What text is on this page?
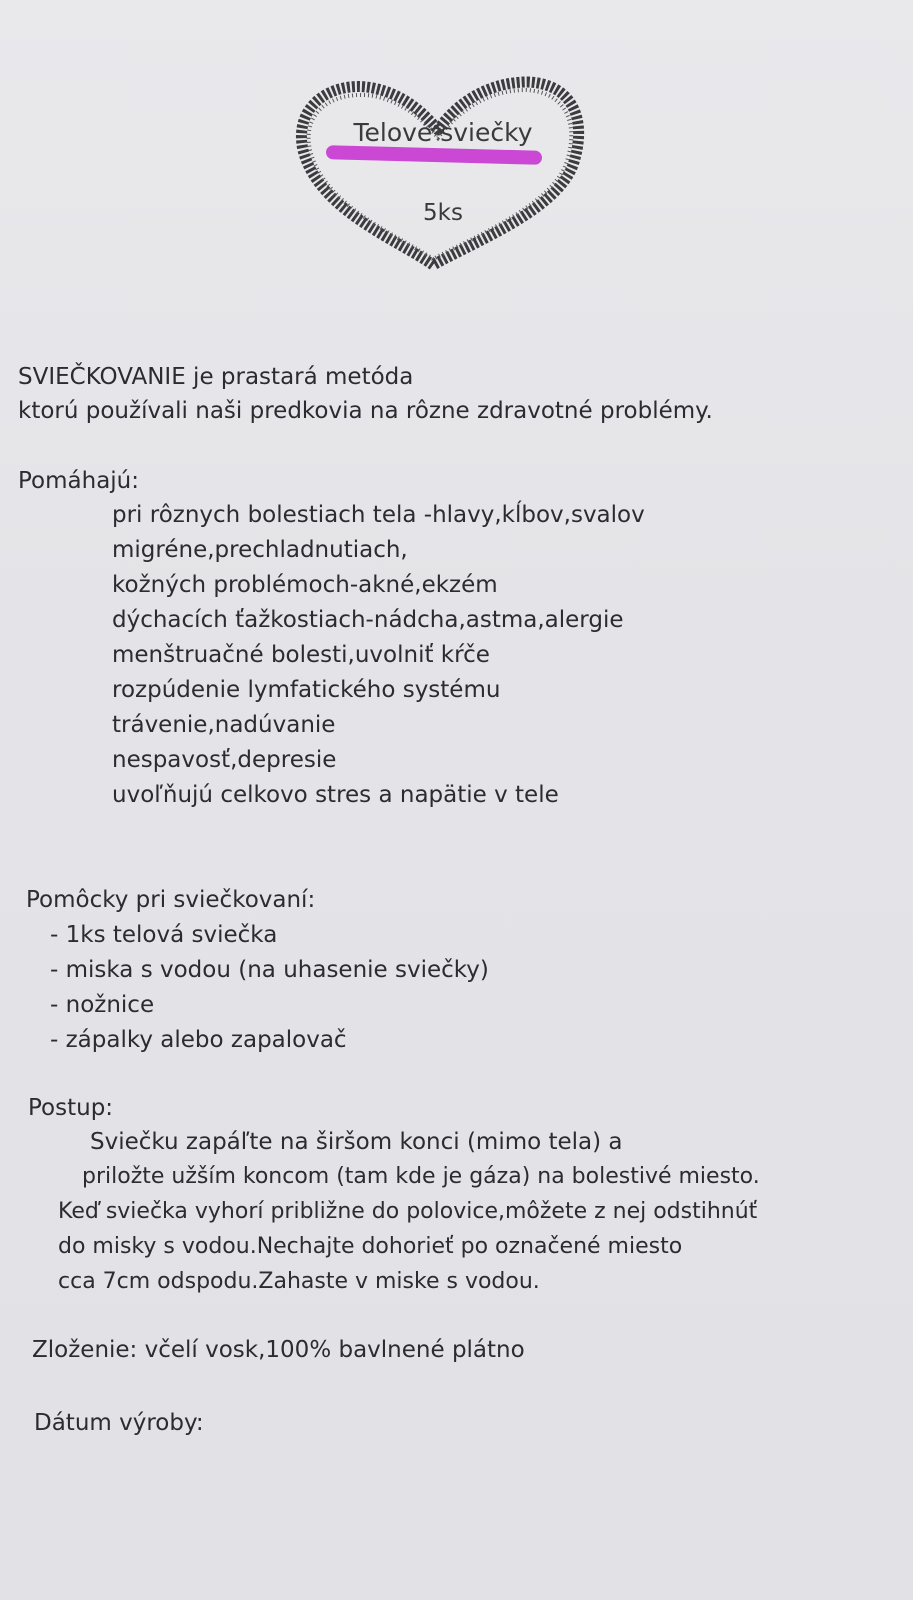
Telové sviečky
5ks
SVIEČKOVANIE je prastará metóda
ktorú používali naši predkovia na rôzne zdravotné problémy.
Pomáhajú:
pri rôznych bolestiach tela -hlavy,kĺbov,svalov
migréne,prechladnutiach,
kožných problémoch-akné,ekzém
dýchacích ťažkostiach-nádcha,astma,alergie
menštruačné bolesti,uvolniť kŕče
rozpúdenie lymfatického systému
trávenie,nadúvanie
nespavosť,depresie
uvoľňujú celkovo stres a napätie v tele
Pomôcky pri sviečkovaní:
- 1ks telová sviečka
- miska s vodou (na uhasenie sviečky)
- nožnice
- zápalky alebo zapalovač
Postup:
Sviečku zapáľte na širšom konci (mimo tela) a
priložte užším koncom (tam kde je gáza) na bolestivé miesto.
Keď sviečka vyhorí približne do polovice,môžete z nej odstihnúť
do misky s vodou.Nechajte dohorieť po označené miesto
cca 7cm odspodu.Zahaste v miske s vodou.
Zloženie: včelí vosk,100% bavlnené plátno
Dátum výroby:
